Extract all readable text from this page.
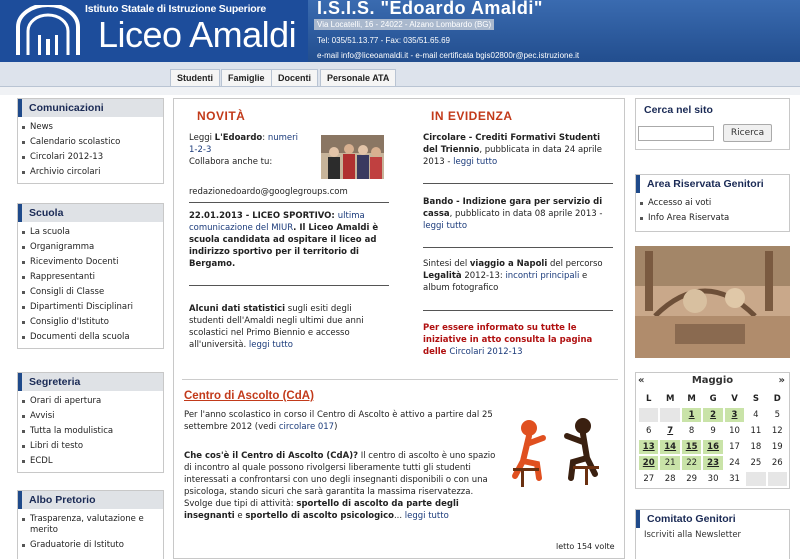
Istituto Statale di Istruzione Superiore
Liceo Amaldi
I.S.I.S. "Edoardo Amaldi"
Via Locatelli, 16 - 24022 - Alzano Lombardo (BG)
Tel: 035/51.13.77 - Fax: 035/51.65.69
e-mail info@liceoamaldi.it - e-mail certificata bgis02800r@pec.istruzione.it
Studenti	Famiglie	Docenti	Personale ATA
Comunicazioni
News
Calendario scolastico
Circolari 2012-13
Archivio circolari
Scuola
La scuola
Organigramma
Ricevimento Docenti
Rappresentanti
Consigli di Classe
Dipartimenti Disciplinari
Consiglio d'Istituto
Documenti della scuola
Segreteria
Orari di apertura
Avvisi
Tutta la modulistica
Libri di testo
ECDL
Albo Pretorio
Trasparenza, valutazione e merito
Graduatorie di Istituto
NOVITÀ	IN EVIDENZA
Leggi L'Edoardo: numeri 1-2-3
Collabora anche tu:
redazionedoardo@googlegroups.com
22.01.2013 - LICEO SPORTIVO: ultima comunicazione del MIUR. Il Liceo Amaldi è scuola candidata ad ospitare il liceo ad indirizzo sportivo per il territorio di Bergamo.
Alcuni dati statistici sugli esiti degli studenti dell'Amaldi negli ultimi due anni scolastici nel Primo Biennio e accesso all'università. leggi tutto
Circolare - Crediti Formativi Studenti del Triennio, pubblicata in data 24 aprile 2013 - leggi tutto
Bando - Indizione gara per servizio di cassa, pubblicato in data 08 aprile 2013 - leggi tutto
Sintesi del viaggio a Napoli del percorso Legalità 2012-13: incontri principali e album fotografico
Per essere informato su tutte le iniziative in atto consulta la pagina delle Circolari 2012-13
Centro di Ascolto (CdA)
Per l'anno scolastico in corso il Centro di Ascolto è attivo a partire dal 25 settembre 2012 (vedi circolare 017)
Che cos'è il Centro di Ascolto (CdA)? Il centro di ascolto è uno spazio di incontro al quale possono rivolgersi liberamente tutti gli studenti interessati a confrontarsi con uno degli insegnanti disponibili o con una psicologa, stando sicuri che sarà garantita la massima riservatezza.
Svolge due tipi di attività: sportello di ascolto da parte degli insegnanti e sportello di ascolto psicologico... leggi tutto
letto 154 volte
Cerca nel sito
Ricerca
Area Riservata Genitori
Accesso ai voti
Info Area Riservata
«	Maggio	»
L	M	M	G	V	S	D
		1	2	3	4	5
6	7	8	9	10	11	12
13	14	15	16	17	18	19
20	21	22	23	24	25	26
27	28	29	30	31		
Comitato Genitori
Iscriviti alla Newsletter
